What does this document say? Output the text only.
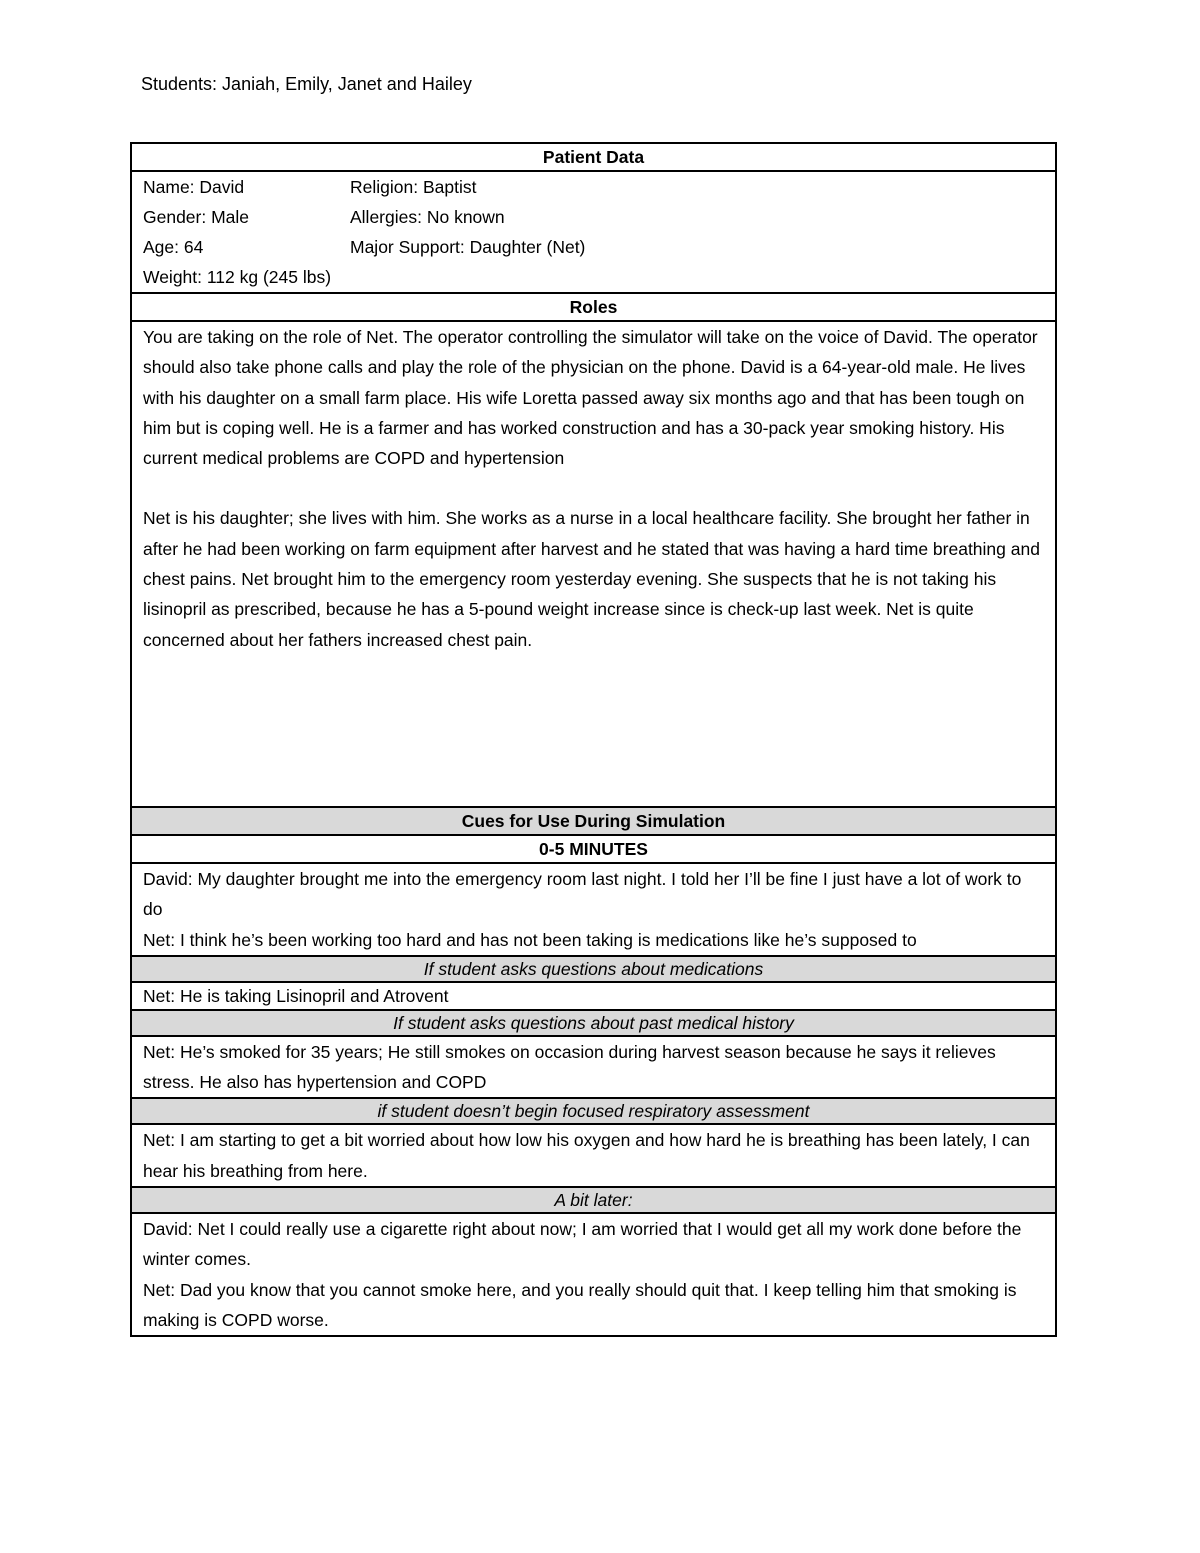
Students: Janiah, Emily, Janet and Hailey
Patient Data
Name: David	Religion: Baptist
Gender: Male	Allergies: No known
Age: 64	Major Support: Daughter (Net)
Weight: 112 kg (245 lbs)
Roles

You are taking on the role of Net. The operator controlling the simulator will take on the voice of David. The operator should also take phone calls and play the role of the physician on the phone. David is a 64-year-old male. He lives with his daughter on a small farm place. His wife Loretta passed away six months ago and that has been tough on him but is coping well. He is a farmer and has worked construction and has a 30-pack year smoking history. His current medical problems are COPD and hypertension

Net is his daughter; she lives with him. She works as a nurse in a local healthcare facility. She brought her father in after he had been working on farm equipment after harvest and he stated that was having a hard time breathing and chest pains. Net brought him to the emergency room yesterday evening. She suspects that he is not taking his lisinopril as prescribed, because he has a 5-pound weight increase since is check-up last week. Net is quite concerned about her fathers increased chest pain.

Cues for Use During Simulation
0-5 MINUTES

David: My daughter brought me into the emergency room last night. I told her I’ll be fine I just have a lot of work to do

Net: I think he’s been working too hard and has not been taking is medications like he’s supposed to

If student asks questions about medications

Net: He is taking Lisinopril and Atrovent

If student asks questions about past medical history

Net: He’s smoked for 35 years; He still smokes on occasion during harvest season because he says it relieves stress. He also has hypertension and COPD

if student doesn’t begin focused respiratory assessment

Net: I am starting to get a bit worried about how low his oxygen and how hard he is breathing has been lately, I can hear his breathing from here.

A bit later:

David: Net I could really use a cigarette right about now; I am worried that I would get all my work done before the winter comes.

Net: Dad you know that you cannot smoke here, and you really should quit that. I keep telling him that smoking is making is COPD worse.
